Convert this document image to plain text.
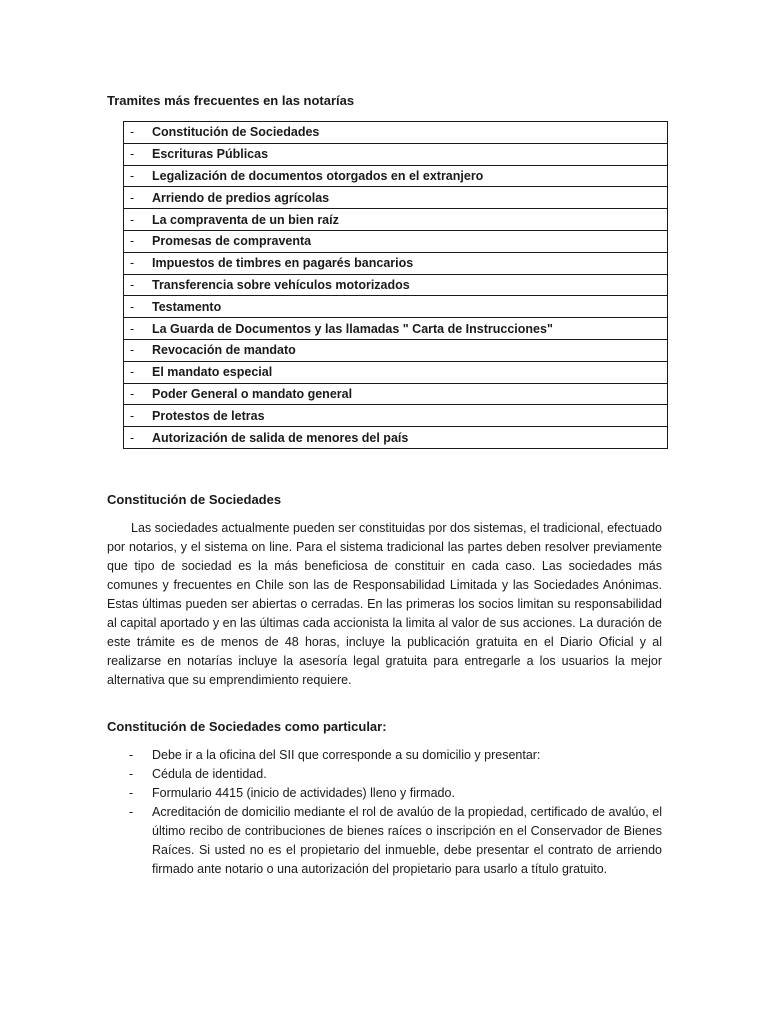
Tramites más frecuentes en las notarías
-	Constitución de Sociedades
-	Escrituras Públicas
-	Legalización de documentos otorgados en el extranjero
-	Arriendo de predios agrícolas
-	La compraventa de un bien raíz
-	Promesas de compraventa
-	Impuestos de timbres en pagarés bancarios
-	Transferencia sobre vehículos motorizados
-	Testamento
-	La Guarda de Documentos y las llamadas " Carta de Instrucciones"
-	Revocación de mandato
-	El mandato especial
-	Poder General o mandato general
-	Protestos de letras
-	Autorización de salida de menores del país
Constitución de Sociedades

Las sociedades actualmente pueden ser constituidas por dos sistemas, el tradicional, efectuado por notarios, y el sistema on line. Para el sistema tradicional las partes deben resolver previamente que tipo de sociedad es la más beneficiosa de constituir en cada caso. Las sociedades más comunes y frecuentes en Chile son las de Responsabilidad Limitada y las Sociedades Anónimas. Estas últimas pueden ser abiertas o cerradas. En las primeras los socios limitan su responsabilidad al capital aportado y en las últimas cada accionista la limita al valor de sus acciones. La duración de este trámite es de menos de 48 horas, incluye la publicación gratuita en el Diario Oficial y al realizarse en notarías incluye la asesoría legal gratuita para entregarle a los usuarios la mejor alternativa que su emprendimiento requiere.

Constitución de Sociedades como particular:
- Debe ir a la oficina del SII que corresponde a su domicilio y presentar:
- Cédula de identidad.
- Formulario 4415 (inicio de actividades) lleno y firmado.
- Acreditación de domicilio mediante el rol de avalúo de la propiedad, certificado de avalúo, el último recibo de contribuciones de bienes raíces o inscripción en el Conservador de Bienes Raíces. Si usted no es el propietario del inmueble, debe presentar el contrato de arriendo firmado ante notario o una autorización del propietario para usarlo a título gratuito.
